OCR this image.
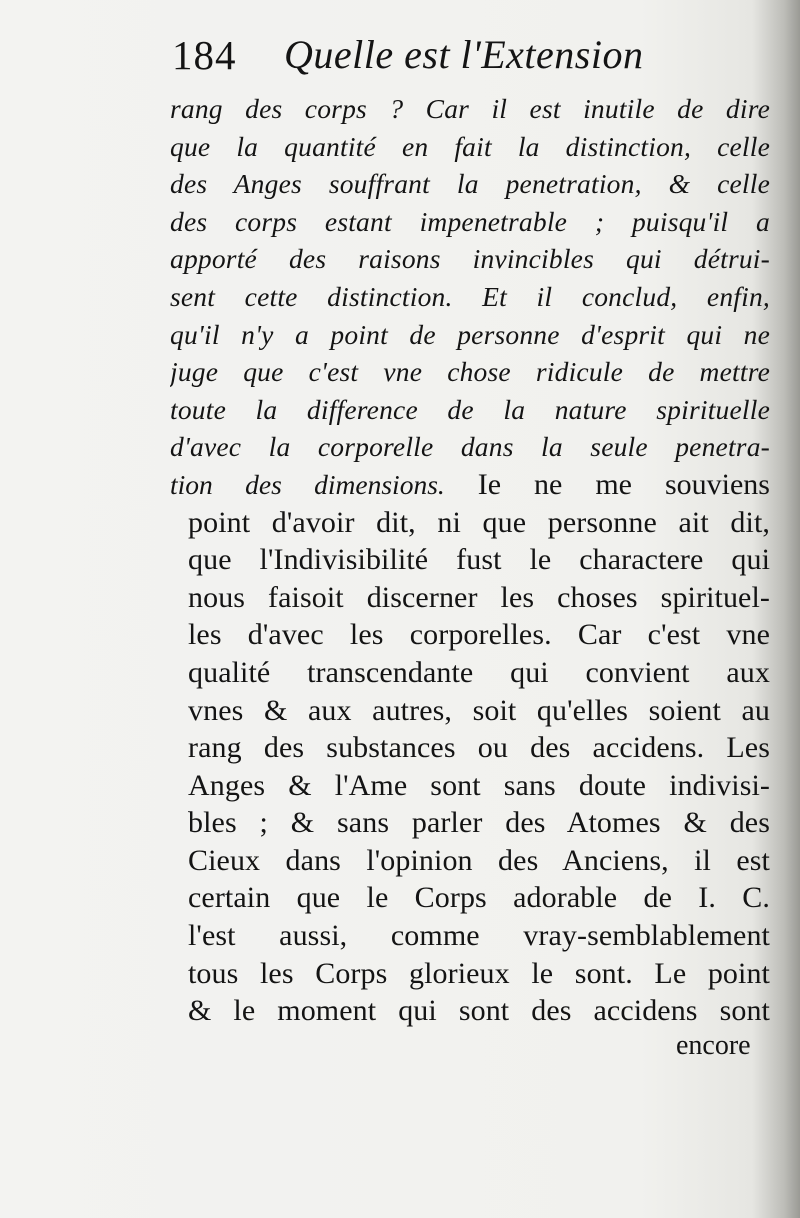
184 Quelle est l'Extension
rang des corps ? Car il est inutile de dire
que la quantité en fait la distinction, celle
des Anges souffrant la penetration, & celle
des corps estant impenetrable ; puisqu'il a
apporté des raisons invincibles qui détrui-
sent cette distinction. Et il conclud, enfin,
qu'il n'y a point de personne d'esprit qui ne
juge que c'est vne chose ridicule de mettre
toute la difference de la nature spirituelle
d'avec la corporelle dans la seule penetra-
tion des dimensions. Ie ne me souviens
point d'avoir dit, ni que personne ait dit,
que l'Indivisibilité fust le charactere qui
nous faisoit discerner les choses spirituel-
les d'avec les corporelles. Car c'est vne
qualité transcendante qui convient aux
vnes & aux autres, soit qu'elles soient au
rang des substances ou des accidens. Les
Anges & l'Ame sont sans doute indivisi-
bles ; & sans parler des Atomes & des
Cieux dans l'opinion des Anciens, il est
certain que le Corps adorable de I. C.
l'est aussi, comme vray-semblablement
tous les Corps glorieux le sont. Le point
& le moment qui sont des accidens sont
encore
